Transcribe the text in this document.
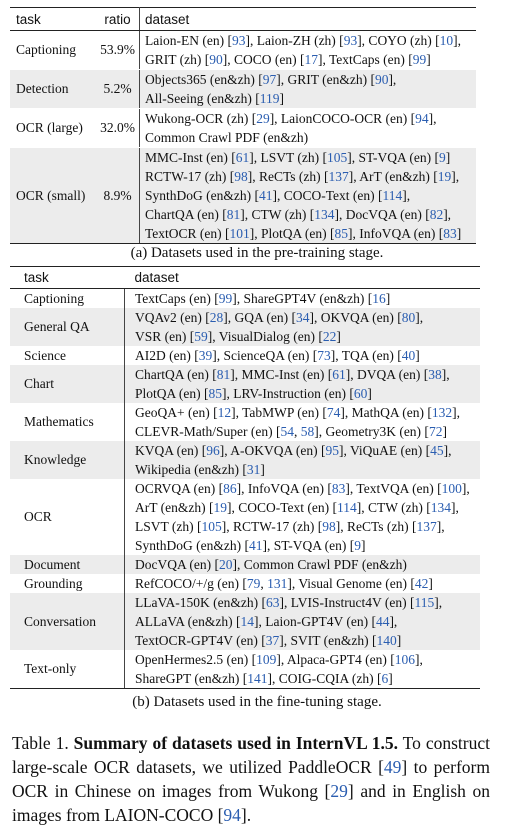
task	ratio	dataset
Captioning	53.9%	Laion-EN (en) [93], Laion-ZH (zh) [93], COYO (zh) [10],
GRIT (zh) [90], COCO (en) [17], TextCaps (en) [99]

Detection	5.2%	Objects365 (en&zh) [97], GRIT (en&zh) [90],
All-Seeing (en&zh) [119]

OCR (large)	32.0%	Wukong-OCR (zh) [29], LaionCOCO-OCR (en) [94],
Common Crawl PDF (en&zh)

OCR (small)	8.9%	MMC-Inst (en) [61], LSVT (zh) [105], ST-VQA (en) [9]
RCTW-17 (zh) [98], ReCTs (zh) [137], ArT (en&zh) [19],
SynthDoG (en&zh) [41], COCO-Text (en) [114],
ChartQA (en) [81], CTW (zh) [134], DocVQA (en) [82],
TextOCR (en) [101], PlotQA (en) [85], InfoVQA (en) [83]
(a) Datasets used in the pre-training stage.
task	dataset
Captioning	TextCaps (en) [99], ShareGPT4V (en&zh) [16]

General QA	VQAv2 (en) [28], GQA (en) [34], OKVQA (en) [80],
VSR (en) [59], VisualDialog (en) [22]

Science	AI2D (en) [39], ScienceQA (en) [73], TQA (en) [40]

Chart	ChartQA (en) [81], MMC-Inst (en) [61], DVQA (en) [38],
PlotQA (en) [85], LRV-Instruction (en) [60]

Mathematics	GeoQA+ (en) [12], TabMWP (en) [74], MathQA (en) [132],
CLEVR-Math/Super (en) [54, 58], Geometry3K (en) [72]

Knowledge	KVQA (en) [96], A-OKVQA (en) [95], ViQuAE (en) [45],
Wikipedia (en&zh) [31]

OCR	OCRVQA (en) [86], InfoVQA (en) [83], TextVQA (en) [100],
ArT (en&zh) [19], COCO-Text (en) [114], CTW (zh) [134],
LSVT (zh) [105], RCTW-17 (zh) [98], ReCTs (zh) [137],
SynthDoG (en&zh) [41], ST-VQA (en) [9]

Document	DocVQA (en) [20], Common Crawl PDF (en&zh)

Grounding	RefCOCO/+/g (en) [79, 131], Visual Genome (en) [42]

Conversation	LLaVA-150K (en&zh) [63], LVIS-Instruct4V (en) [115],
ALLaVA (en&zh) [14], Laion-GPT4V (en) [44],
TextOCR-GPT4V (en) [37], SVIT (en&zh) [140]

Text-only	OpenHermes2.5 (en) [109], Alpaca-GPT4 (en) [106],
ShareGPT (en&zh) [141], COIG-CQIA (zh) [6]
(b) Datasets used in the fine-tuning stage.
Table 1. Summary of datasets used in InternVL 1.5. To construct large-scale OCR datasets, we utilized PaddleOCR [49] to perform OCR in Chinese on images from Wukong [29] and in English on images from LAION-COCO [94].
